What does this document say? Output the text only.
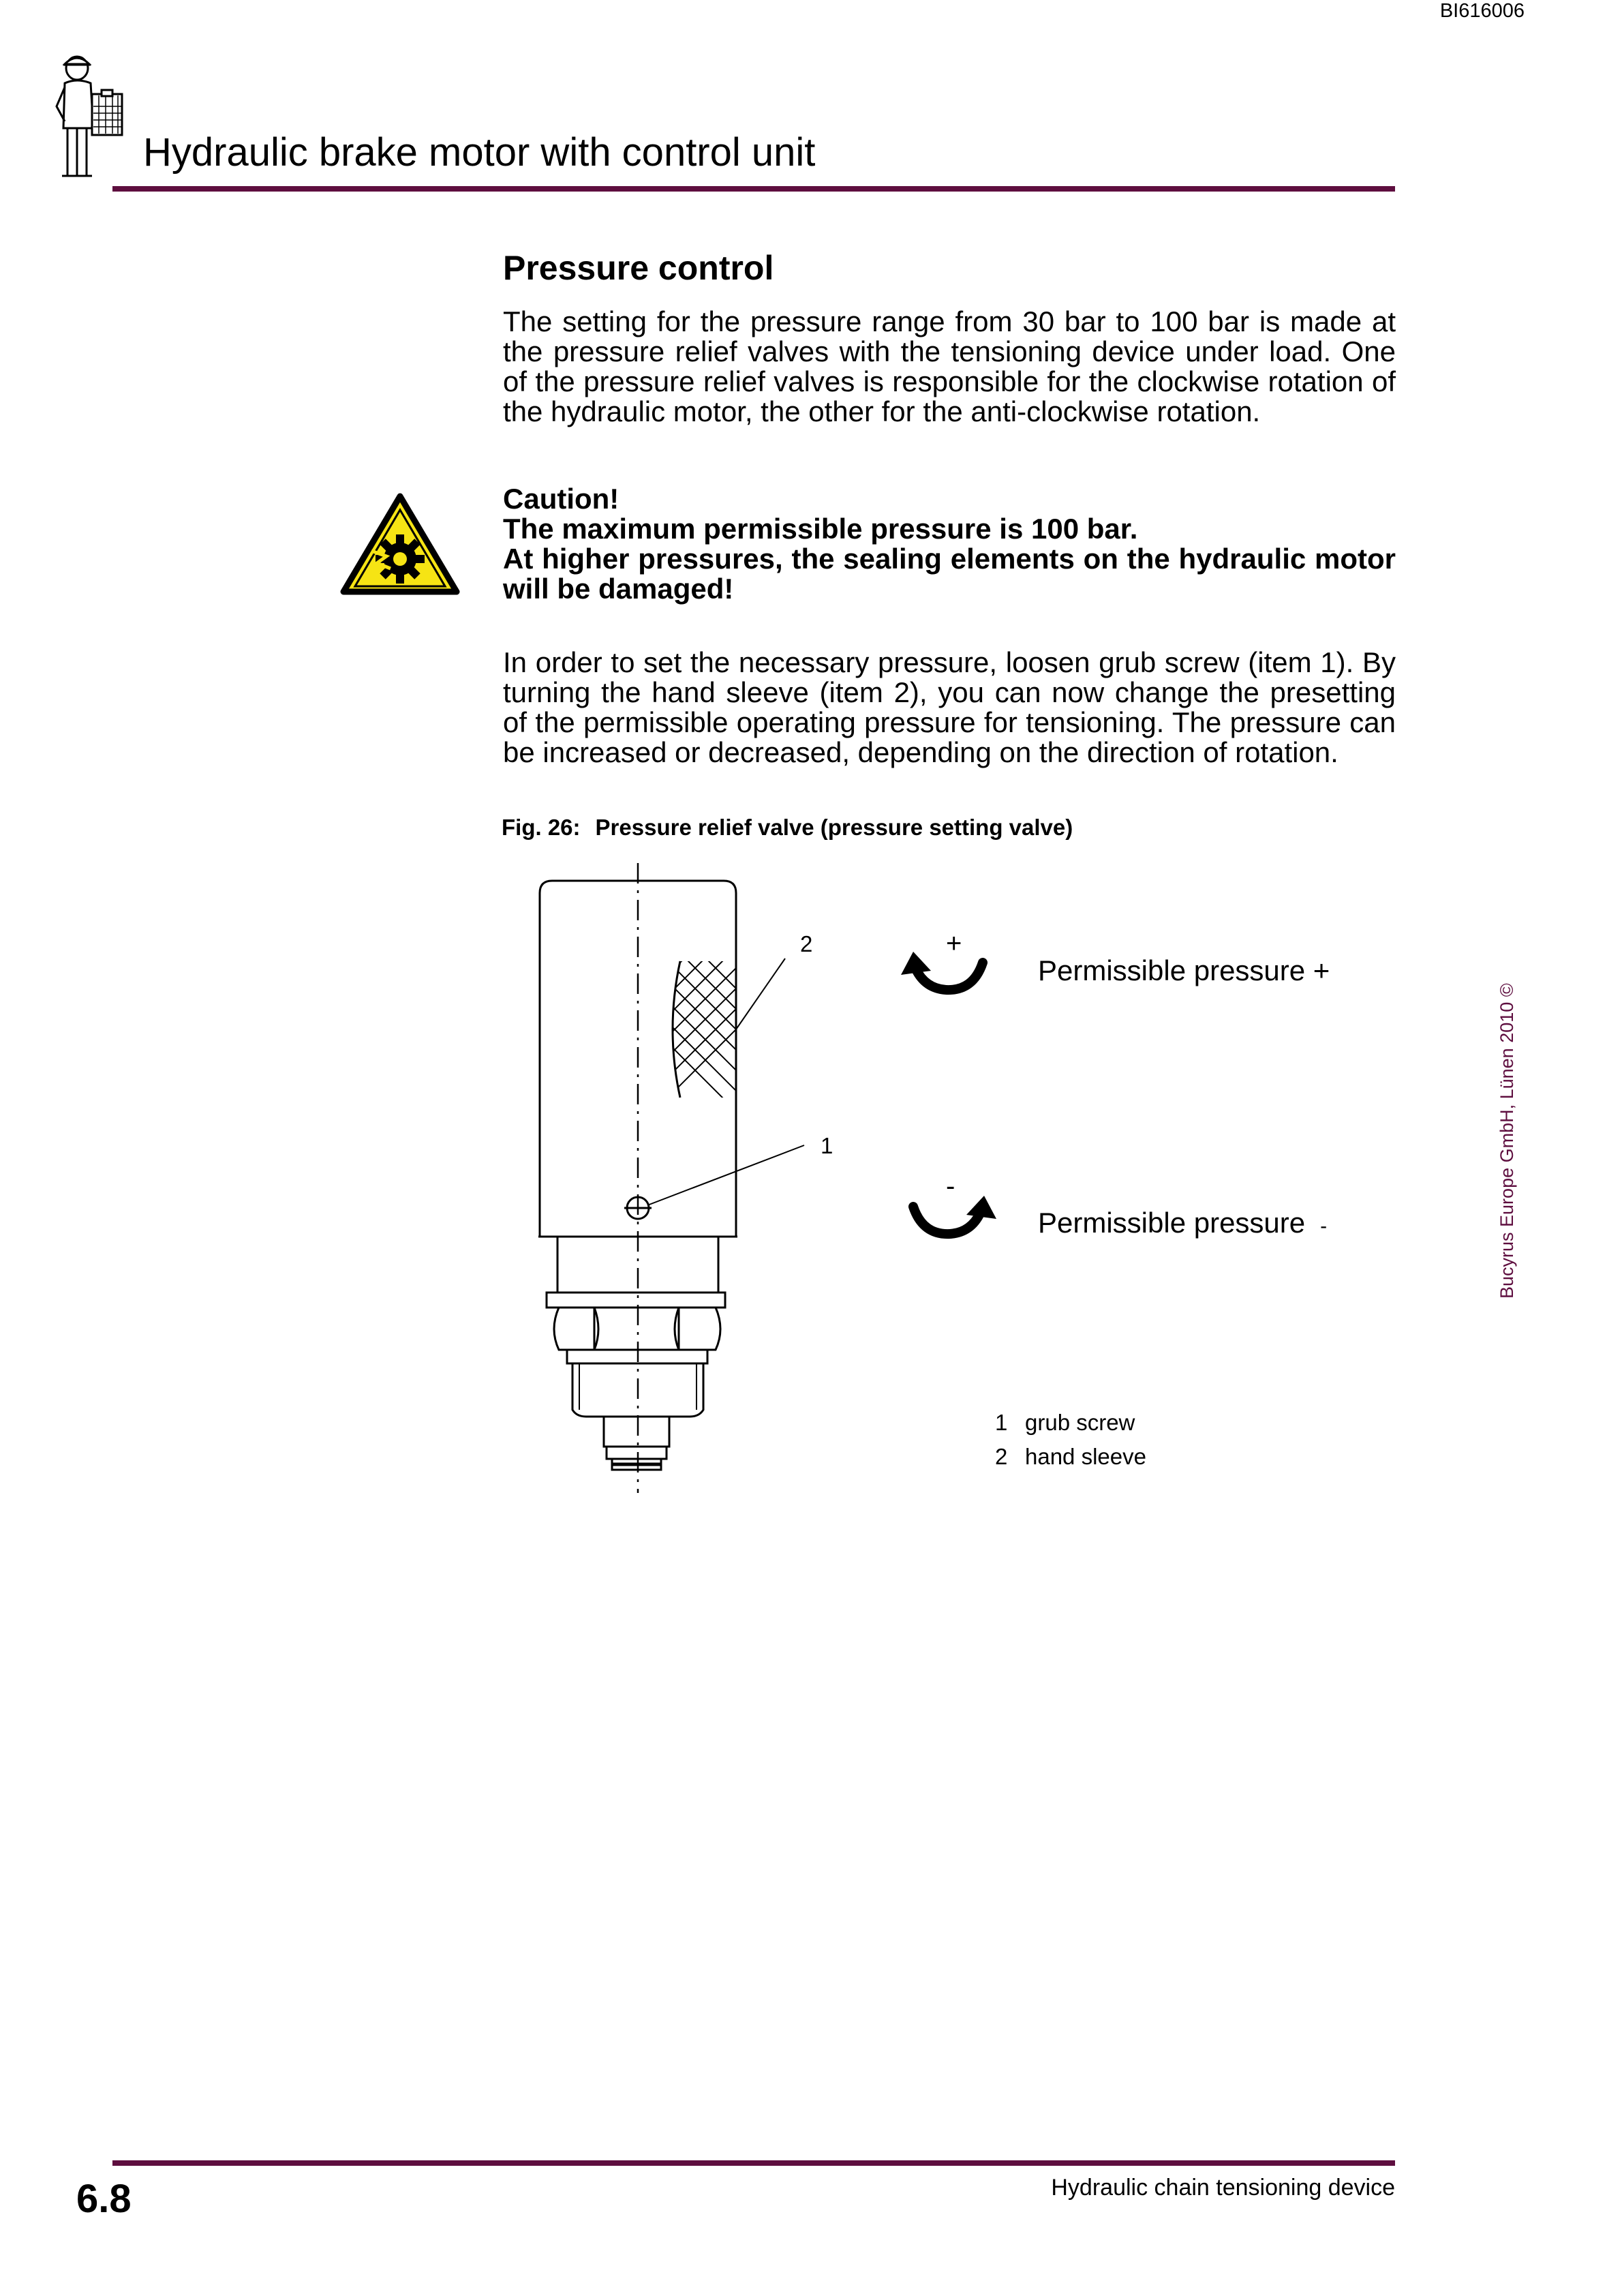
BI616006
Hydraulic brake motor with control unit
Pressure control
The setting for the pressure range from 30 bar to 100 bar is made at the pressure relief valves with the tensioning device under load. One of the pressure relief valves is responsible for the clockwise rotation of the hydraulic motor, the other for the anti-clockwise rotation.
Caution!
The maximum permissible pressure is 100 bar.
At higher pressures, the sealing elements on the hydraulic motor will be damaged!
In order to set the necessary pressure, loosen grub screw (item 1). By turning the hand sleeve (item 2), you can now change the presetting of the permissible operating pressure for tensioning. The pressure can be increased or decreased, depending on the direction of rotation.
Fig. 26: Pressure relief valve (pressure setting valve)
2
1
+
-
Permissible pressure +
Permissible pressure -
1 grub screw
2 hand sleeve
Bucyrus Europe GmbH, Lünen 2010 ©
6.8	Hydraulic chain tensioning device
